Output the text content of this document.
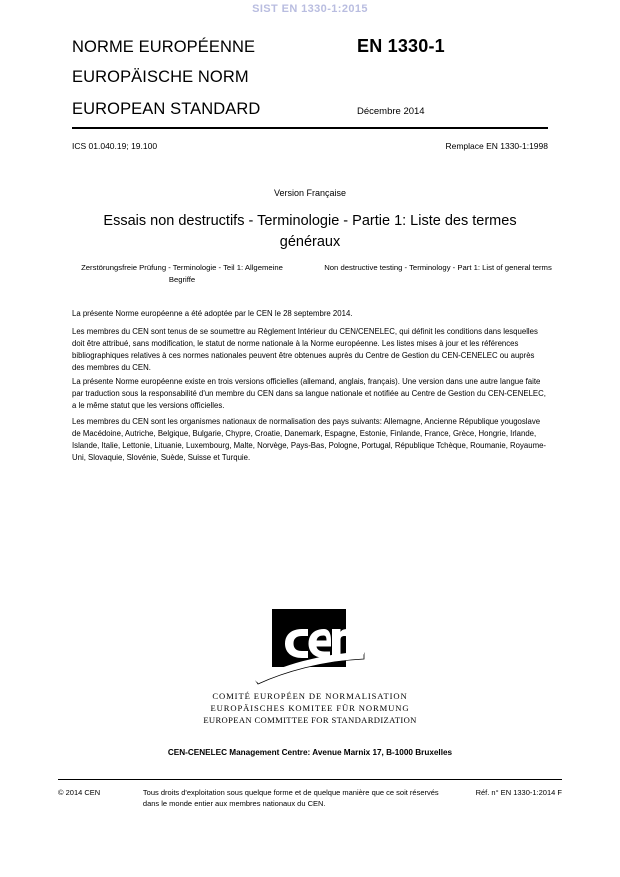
SIST EN 1330-1:2015
NORME EUROPÉENNE	EN 1330-1
EUROPÄISCHE NORM
EUROPEAN STANDARD	Décembre 2014
ICS 01.040.19; 19.100	Remplace EN 1330-1:1998
Version Française
Essais non destructifs - Terminologie - Partie 1: Liste des termes généraux
Zerstörungsfreie Prüfung - Terminologie - Teil 1: Allgemeine Begriffe
Non destructive testing - Terminology - Part 1: List of general terms
La présente Norme européenne a été adoptée par le CEN le 28 septembre 2014.
Les membres du CEN sont tenus de se soumettre au Règlement Intérieur du CEN/CENELEC, qui définit les conditions dans lesquelles doit être attribué, sans modification, le statut de norme nationale à la Norme européenne. Les listes mises à jour et les références bibliographiques relatives à ces normes nationales peuvent être obtenues auprès du Centre de Gestion du CEN-CENELEC ou auprès des membres du CEN.
La présente Norme européenne existe en trois versions officielles (allemand, anglais, français). Une version dans une autre langue faite par traduction sous la responsabilité d'un membre du CEN dans sa langue nationale et notifiée au Centre de Gestion du CEN-CENELEC, a le même statut que les versions officielles.
Les membres du CEN sont les organismes nationaux de normalisation des pays suivants: Allemagne, Ancienne République yougoslave de Macédoine, Autriche, Belgique, Bulgarie, Chypre, Croatie, Danemark, Espagne, Estonie, Finlande, France, Grèce, Hongrie, Irlande, Islande, Italie, Lettonie, Lituanie, Luxembourg, Malte, Norvège, Pays-Bas, Pologne, Portugal, République Tchèque, Roumanie, Royaume-Uni, Slovaquie, Slovénie, Suède, Suisse et Turquie.
COMITÉ EUROPÉEN DE NORMALISATION
EUROPÄISCHES KOMITEE FÜR NORMUNG
EUROPEAN COMMITTEE FOR STANDARDIZATION
CEN-CENELEC Management Centre: Avenue Marnix 17, B-1000 Bruxelles
© 2014 CEN	Tous droits d'exploitation sous quelque forme et de quelque manière que ce soit réservés dans le monde entier aux membres nationaux du CEN.
Réf. n° EN 1330-1:2014 F
